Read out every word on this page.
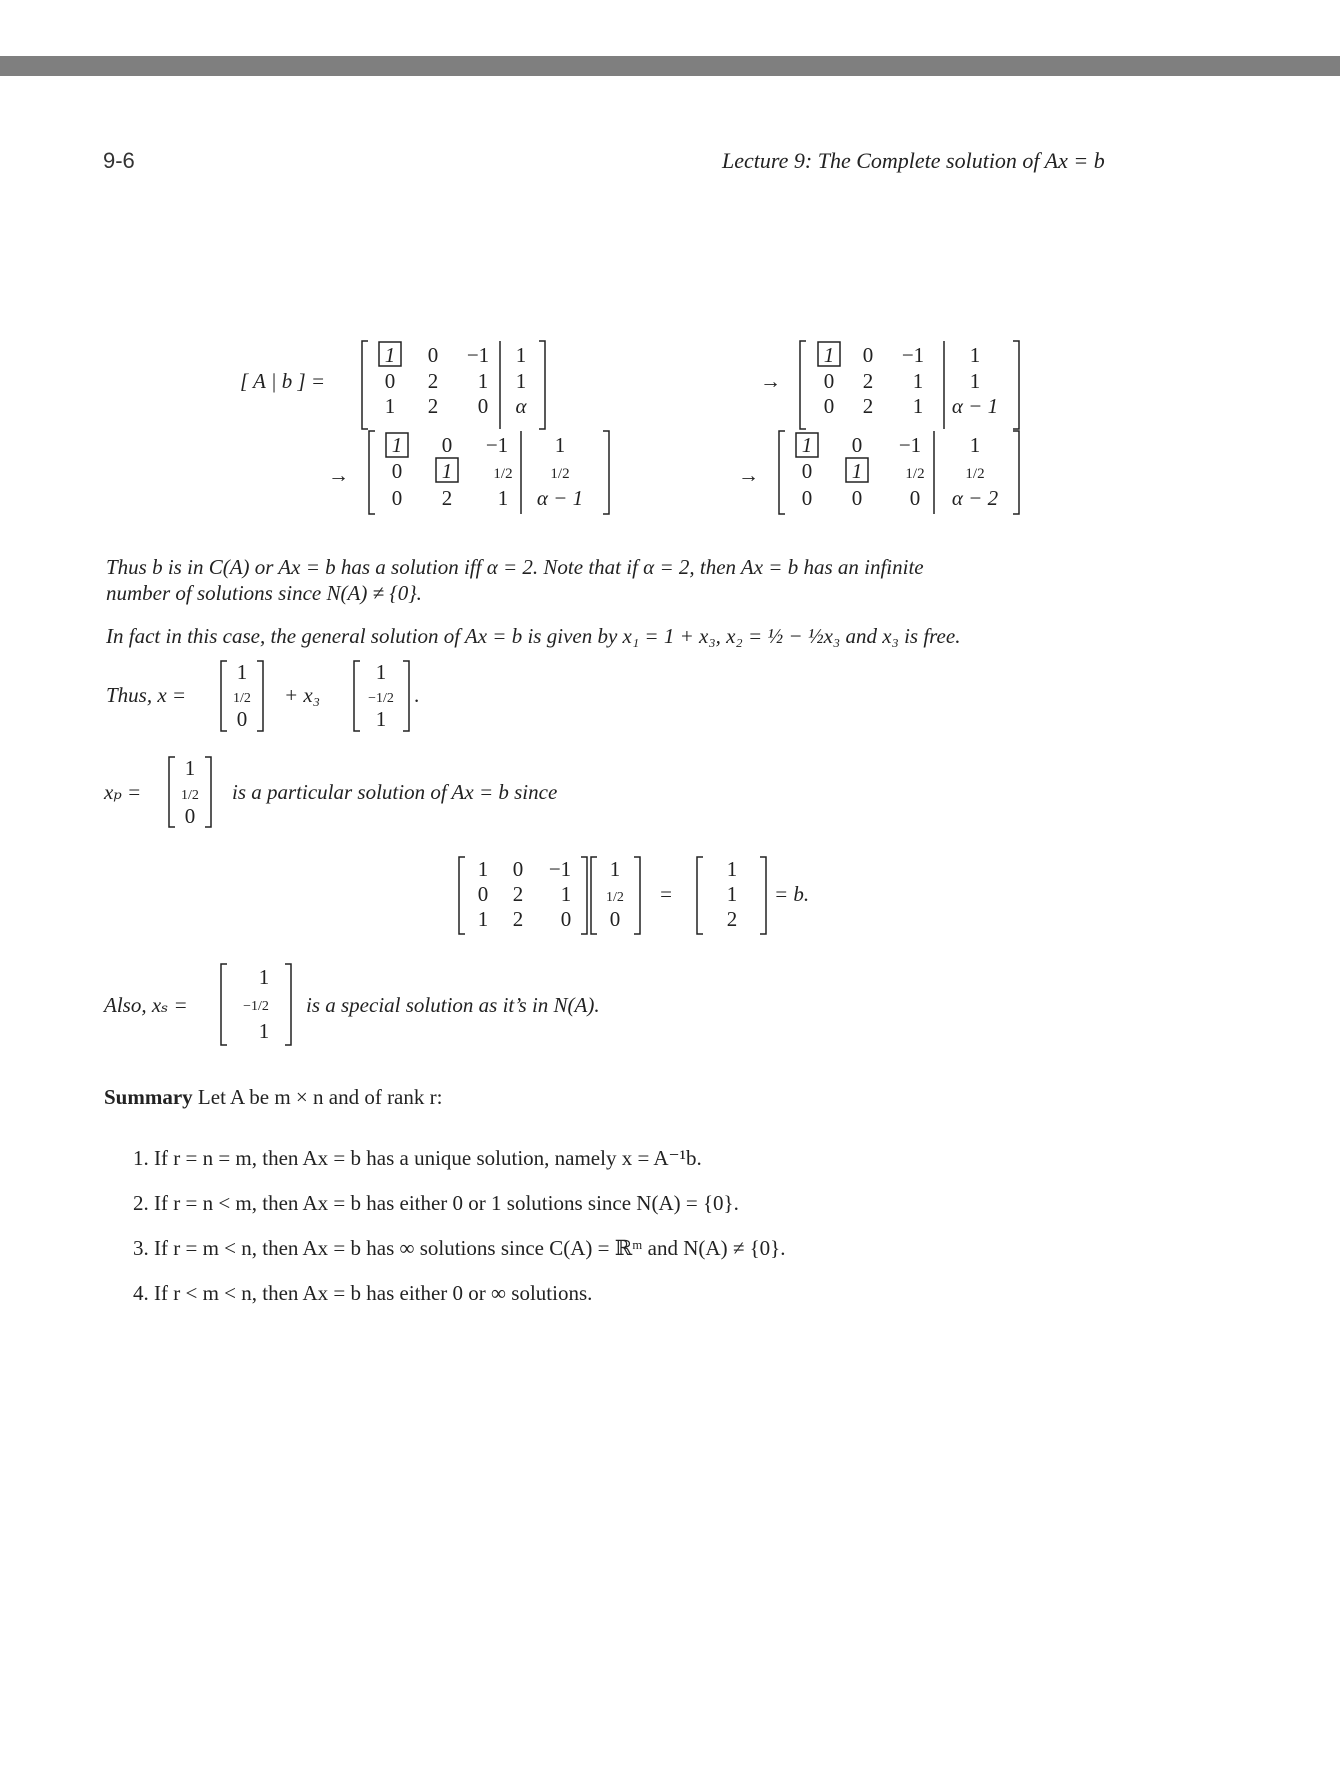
9-6	Lecture 9: The Complete solution of Ax = b
[ A | b ] =
1 0 −1 1
0 2 1 1
1 2 0 α
→
1 0 −1 1
0 2 1 1
0 2 1 α − 1
→
1 0 −1 1
0 1	1/2	1/2
0 2 1 α − 1
→
1 0 −1 1
0 1	1/2	1/2
0 0 0 α − 2
Thus, x =
1
1/2
0
+ x₃
1
−1/2
1
.
xₚ =
1
1/2
0
is a particular solution of Ax = b since
1 0 −1
0 2 1
1 2 0
1
1/2
0
=
1
1
2
= b.
Also, xₛ =
1
−1/2
1
is a special solution as it’s in N(A).
Thus b is in C(A) or Ax = b has a solution iff α = 2. Note that if α = 2, then Ax = b has an infinite
number of solutions since N(A) ≠ {0}.
In fact in this case, the general solution of Ax = b is given by x₁ = 1 + x₃, x₂ = ½ − ½x₃ and x₃ is free.
Summary Let A be m × n and of rank r:
1. If r = n = m, then Ax = b has a unique solution, namely x = A⁻¹b.
2. If r = n < m, then Ax = b has either 0 or 1 solutions since N(A) = {0}.
3. If r = m < n, then Ax = b has ∞ solutions since C(A) = ℝᵐ and N(A) ≠ {0}.
4. If r < m < n, then Ax = b has either 0 or ∞ solutions.
